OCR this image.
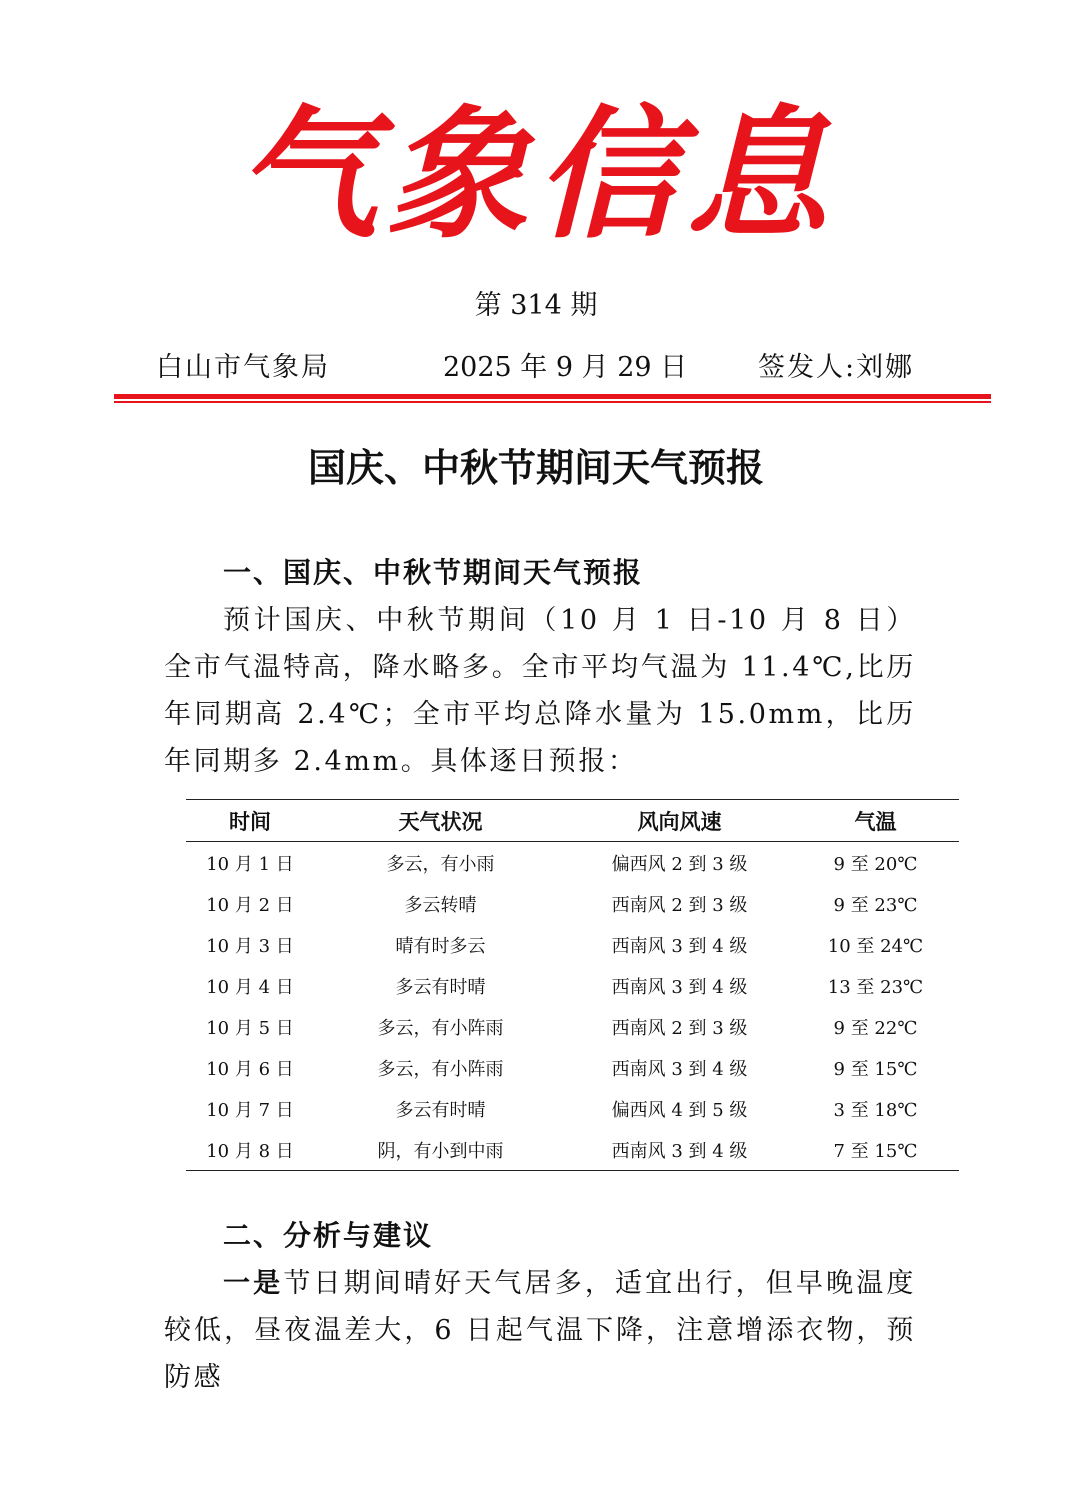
气象信息
第 314 期
白山市气象局	2025 年 9 月 29 日	签发人:刘娜
国庆、中秋节期间天气预报
一、国庆、中秋节期间天气预报
预计国庆、中秋节期间（10 月 1 日-10 月 8 日）全市气温特高，降水略多。全市平均气温为 11.4℃,比历年同期高 2.4℃；全市平均总降水量为 15.0mm，比历年同期多 2.4mm。具体逐日预报：
时间	天气状况	风向风速	气温
10 月 1 日	多云，有小雨	偏西风 2 到 3 级	9 至 20℃
10 月 2 日	多云转晴	西南风 2 到 3 级	9 至 23℃
10 月 3 日	晴有时多云	西南风 3 到 4 级	10 至 24℃
10 月 4 日	多云有时晴	西南风 3 到 4 级	13 至 23℃
10 月 5 日	多云，有小阵雨	西南风 2 到 3 级	9 至 22℃
10 月 6 日	多云，有小阵雨	西南风 3 到 4 级	9 至 15℃
10 月 7 日	多云有时晴	偏西风 4 到 5 级	3 至 18℃
10 月 8 日	阴，有小到中雨	西南风 3 到 4 级	7 至 15℃
二、分析与建议
一是节日期间晴好天气居多，适宜出行，但早晚温度较低，昼夜温差大，6 日起气温下降，注意增添衣物，预防感
